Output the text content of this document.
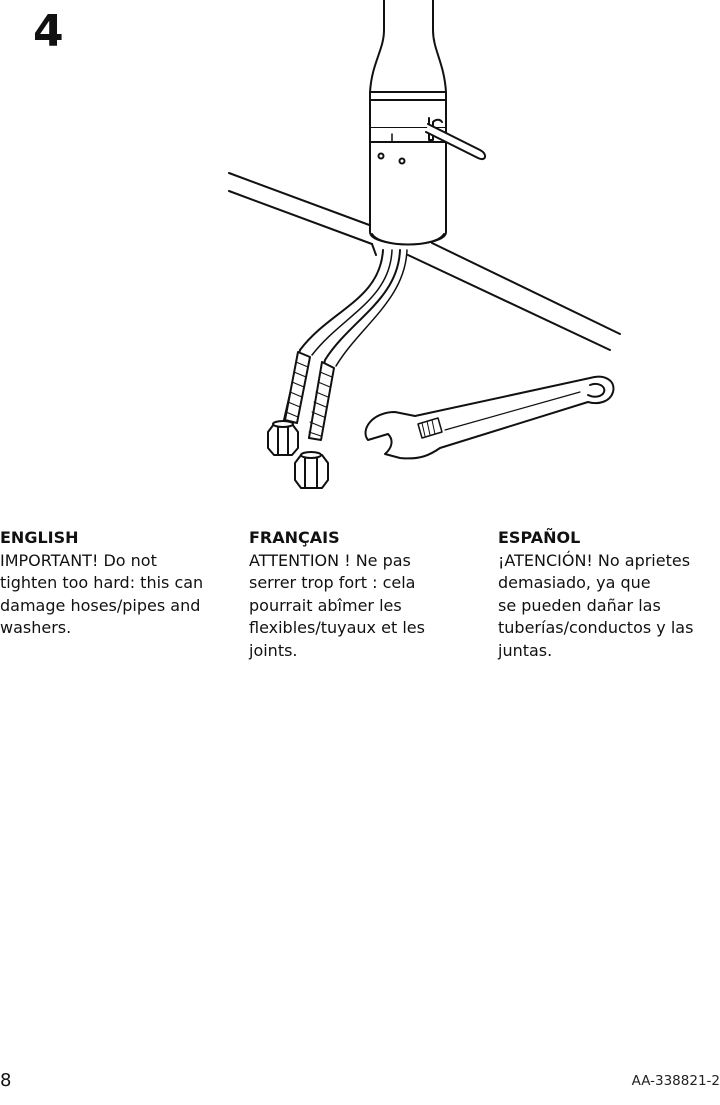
4

ENGLISH

IMPORTANT! Do not
tighten too hard: this can
damage hoses/pipes and
washers.

FRANÇAIS

ATTENTION ! Ne pas
serrer trop fort : cela
pourrait abîmer les
flexibles/tuyaux et les
joints.

ESPAÑOL

¡ATENCIÓN! No aprietes
demasiado, ya que
se pueden dañar las
tuberías/conductos y las
juntas.

8	AA-338821-2
